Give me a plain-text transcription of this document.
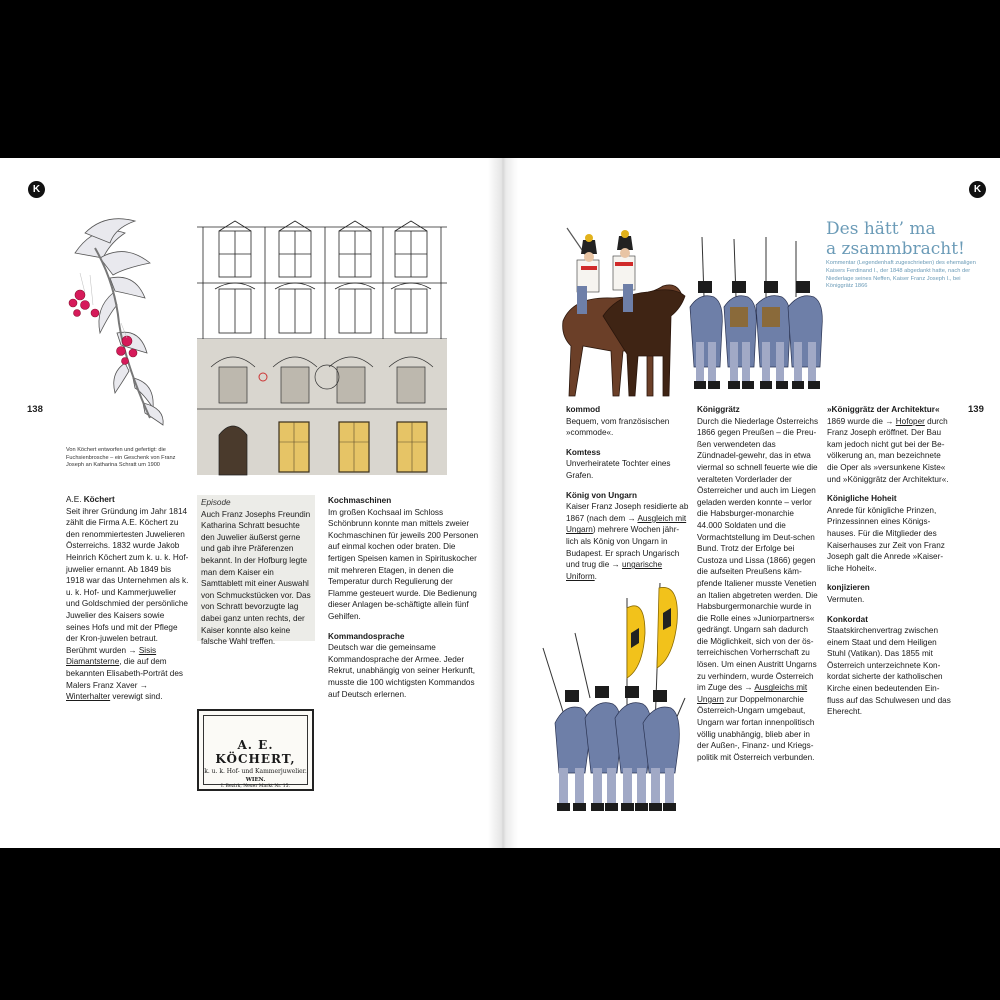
K
138
Von Köchert entworfen und gefertigt: die Fuchsienbrosche – ein Geschenk von Franz Joseph an Katharina Schratt um 1900

A.E. Köchert
Seit ihrer Gründung im Jahr 1814 zählt die Firma A.E. Köchert zu den renommiertesten Juwelieren Österreichs. 1832 wurde Jakob Heinrich Köchert zum k. u. k. Hof-juwelier ernannt. Ab 1849 bis 1918 war das Unternehmen als k. u. k. Hof- und Kammerjuwelier und Goldschmied der persönliche Juwelier des Kaisers sowie seines Hofs und mit der Pflege der Kron-juwelen betraut. Berühmt wurden → Sisis Diamantsterne, die auf dem bekannten Elisabeth-Porträt des Malers Franz Xaver → Winterhalter verewigt sind.

Episode
Auch Franz Josephs Freundin Katharina Schratt besuchte den Juwelier äußerst gerne und gab ihre Präferenzen bekannt. In der Hofburg legte man dem Kaiser ein Samttablett mit einer Auswahl von Schmuckstücken vor. Das von Schratt bevorzugte lag dabei ganz unten rechts, der Kaiser konnte also keine falsche Wahl treffen.
A. E. KÖCHERT,
k. u. k. Hof- und Kammerjuwelier.
WIEN.
I. Bezirk, Neuer Markt Nr. 15.

Kochmaschinen
Im großen Kochsaal im Schloss Schönbrunn konnte man mittels zweier Kochmaschinen für jeweils 200 Personen auf einmal kochen oder braten. Die fertigen Speisen kamen in Spirituskocher mit mehreren Etagen, in denen die Temperatur durch Regulierung der Flamme gesteuert wurde. Die Bedienung dieser Anlagen be-schäftigte allein fünf Gehilfen.

Kommandosprache
Deutsch war die gemeinsame Kommandosprache der Armee. Jeder Rekrut, unabhängig von seiner Herkunft, musste die 100 wichtigsten Kommandos auf Deutsch erlernen.

K
139
Des hätt’ ma
a zsammbracht!
Kommentar (Legendenhaft zugeschrieben) des ehemaligen Kaisers Ferdinand I., der 1848 abgedankt hatte, nach der Niederlage seines Neffen, Kaiser Franz Joseph I., bei Königgrätz 1866

kommod
Bequem, vom französischen »commode«.

Komtess
Unverheiratete Tochter eines Grafen.

König von Ungarn
Kaiser Franz Joseph residierte ab 1867 (nach dem → Ausgleich mit Ungarn) mehrere Wochen jähr-lich als König von Ungarn in Budapest. Er sprach Ungarisch und trug die → ungarische Uniform.

Königgrätz
Durch die Niederlage Österreichs 1866 gegen Preußen – die Preu-ßen verwendeten das Zündnadel-gewehr, das in etwa viermal so schnell feuerte wie die veralteten Vorderlader der Österreicher und auch im Liegen geladen werden konnte – verlor die Habsburger-monarchie 44.000 Soldaten und die Vormachtstellung im Deut-schen Bund. Trotz der Erfolge bei Custoza und Lissa (1866) gegen die aufseiten Preußens käm-pfende Italiener musste Venetien an Italien abgetreten werden. Die Habsburgermonarchie wurde in die Rolle eines »Juniorpartners« gedrängt. Ungarn sah dadurch die Möglichkeit, sich von der ös-terreichischen Vorherrschaft zu lösen. Um einen Austritt Ungarns zu verhindern, wurde Österreich im Zuge des → Ausgleichs mit Ungarn zur Doppelmonarchie Österreich-Ungarn umgebaut, Ungarn war fortan innenpolitisch völlig unabhängig, blieb aber in der Außen-, Finanz- und Kriegs-politik mit Österreich verbunden.

»Königgrätz der Architektur«
1869 wurde die → Hofoper durch Franz Joseph eröffnet. Der Bau kam jedoch nicht gut bei der Be-völkerung an, man bezeichnete die Oper als »versunkene Kiste« und »Königgrätz der Architektur«.

Königliche Hoheit
Anrede für königliche Prinzen, Prinzessinnen eines Königs-hauses. Für die Mitglieder des Kaiserhauses zur Zeit von Franz Joseph galt die Anrede »Kaiser-liche Hoheit«.

konjizieren
Vermuten.

Konkordat
Staatskirchenvertrag zwischen einem Staat und dem Heiligen Stuhl (Vatikan). Das 1855 mit Österreich unterzeichnete Kon-kordat sicherte der katholischen Kirche einen bedeutenden Ein-fluss auf das Schulwesen und das Eherecht.
